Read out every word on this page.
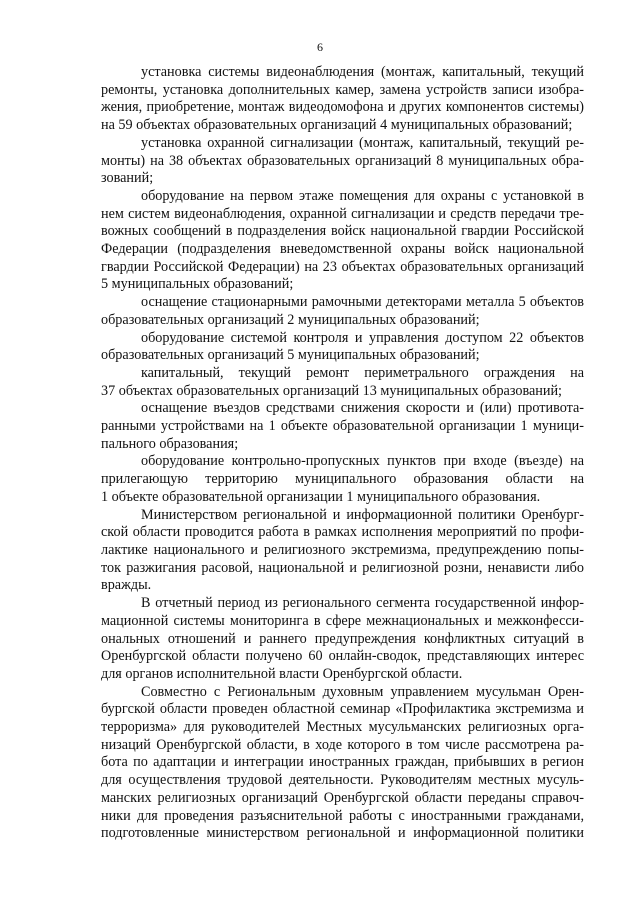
6
установка системы видеонаблюдения (монтаж, капитальный, текущий
ремонты, установка дополнительных камер, замена устройств записи изобра-
жения, приобретение, монтаж видеодомофона и других компонентов системы)
на 59 объектах образовательных организаций 4 муниципальных образований;
установка охранной сигнализации (монтаж, капитальный, текущий ре-
монты) на 38 объектах образовательных организаций 8 муниципальных обра-
зований;
оборудование на первом этаже помещения для охраны с установкой в
нем систем видеонаблюдения, охранной сигнализации и средств передачи тре-
вожных сообщений в подразделения войск национальной гвардии Российской
Федерации (подразделения вневедомственной охраны войск национальной
гвардии Российской Федерации) на 23 объектах образовательных организаций
5 муниципальных образований;
оснащение стационарными рамочными детекторами металла 5 объектов
образовательных организаций 2 муниципальных образований;
оборудование системой контроля и управления доступом 22 объектов
образовательных организаций 5 муниципальных образований;
капитальный, текущий ремонт периметрального ограждения на
37 объектах образовательных организаций 13 муниципальных образований;
оснащение въездов средствами снижения скорости и (или) противота-
ранными устройствами на 1 объекте образовательной организации 1 муници-
пального образования;
оборудование контрольно-пропускных пунктов при входе (въезде) на
прилегающую территорию муниципального образования области на
1 объекте образовательной организации 1 муниципального образования.
Министерством региональной и информационной политики Оренбург-
ской области проводится работа в рамках исполнения мероприятий по профи-
лактике национального и религиозного экстремизма, предупреждению попы-
ток разжигания расовой, национальной и религиозной розни, ненависти либо
вражды.
В отчетный период из регионального сегмента государственной инфор-
мационной системы мониторинга в сфере межнациональных и межконфесси-
ональных отношений и раннего предупреждения конфликтных ситуаций в
Оренбургской области получено 60 онлайн-сводок, представляющих интерес
для органов исполнительной власти Оренбургской области.
Совместно с Региональным духовным управлением мусульман Орен-
бургской области проведен областной семинар «Профилактика экстремизма и
терроризма» для руководителей Местных мусульманских религиозных орга-
низаций Оренбургской области, в ходе которого в том числе рассмотрена ра-
бота по адаптации и интеграции иностранных граждан, прибывших в регион
для осуществления трудовой деятельности. Руководителям местных мусуль-
манских религиозных организаций Оренбургской области переданы справоч-
ники для проведения разъяснительной работы с иностранными гражданами,
подготовленные министерством региональной и информационной политики
